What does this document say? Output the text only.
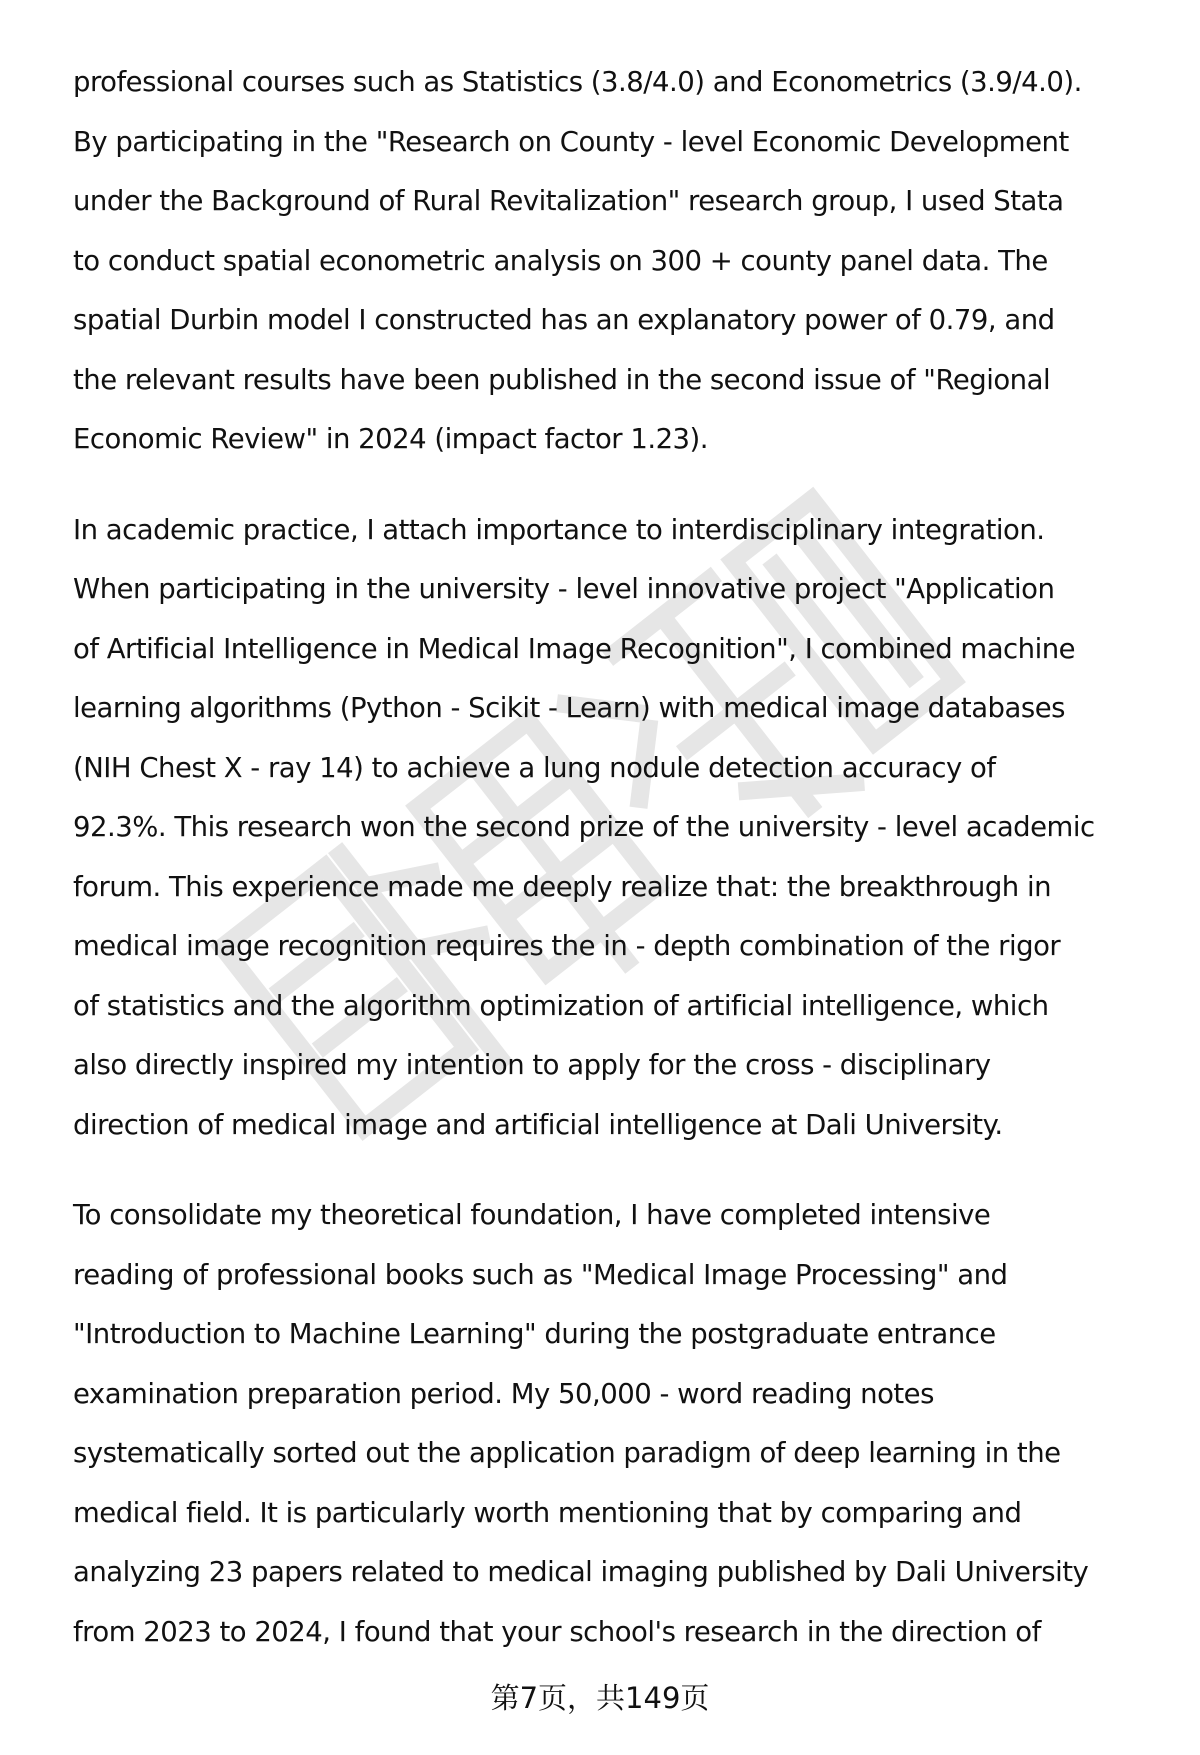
professional courses such as Statistics (3.8/4.0) and Econometrics (3.9/4.0).
By participating in the "Research on County - level Economic Development
under the Background of Rural Revitalization" research group, I used Stata
to conduct spatial econometric analysis on 300 + county panel data. The
spatial Durbin model I constructed has an explanatory power of 0.79, and
the relevant results have been published in the second issue of "Regional
Economic Review" in 2024 (impact factor 1.23).

In academic practice, I attach importance to interdisciplinary integration.
When participating in the university - level innovative project "Application
of Artificial Intelligence in Medical Image Recognition", I combined machine
learning algorithms (Python - Scikit - Learn) with medical image databases
(NIH Chest X - ray 14) to achieve a lung nodule detection accuracy of
92.3%. This research won the second prize of the university - level academic
forum. This experience made me deeply realize that: the breakthrough in
medical image recognition requires the in - depth combination of the rigor
of statistics and the algorithm optimization of artificial intelligence, which
also directly inspired my intention to apply for the cross - disciplinary
direction of medical image and artificial intelligence at Dali University.

To consolidate my theoretical foundation, I have completed intensive
reading of professional books such as "Medical Image Processing" and
"Introduction to Machine Learning" during the postgraduate entrance
examination preparation period. My 50,000 - word reading notes
systematically sorted out the application paradigm of deep learning in the
medical field. It is particularly worth mentioning that by comparing and
analyzing 23 papers related to medical imaging published by Dali University
from 2023 to 2024, I found that your school's research in the direction of

第7页，共149页
